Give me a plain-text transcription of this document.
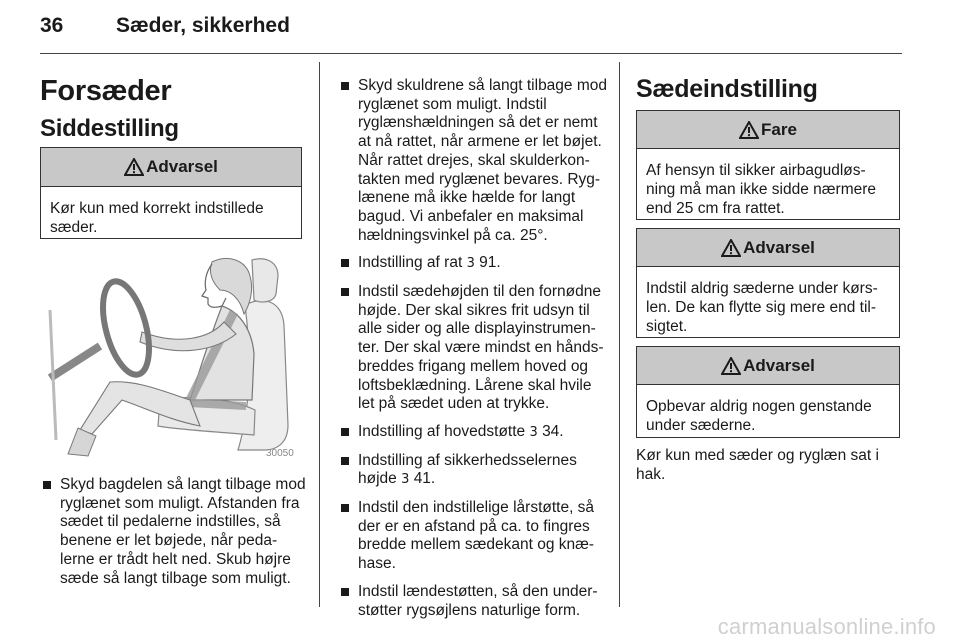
36	Sæder, sikkerhed
Forsæder
Siddestilling
Advarsel
Kør kun med korrekt indstillede sæder.
30050
Skyd bagdelen så langt tilbage mod ryglænet som muligt. Afstanden fra sædet til pedalerne indstilles, så benene er let bøjede, når peda-lerne er trådt helt ned. Skub højre sæde så langt tilbage som muligt.
Skyd skuldrene så langt tilbage mod ryglænet som muligt. Indstil ryglænshældningen så det er nemt at nå rattet, når armene er let bøjet. Når rattet drejes, skal skulderkon-takten med ryglænet bevares. Ryg-lænene må ikke hælde for langt bagud. Vi anbefaler en maksimal hældningsvinkel på ca. 25°.
Indstilling af rat 3 91.
Indstil sædehøjden til den fornødne højde. Der skal sikres frit udsyn til alle sider og alle displayinstrumen-ter. Der skal være mindst en hånds-breddes frigang mellem hoved og loftsbeklædning. Lårene skal hvile let på sædet uden at trykke.
Indstilling af hovedstøtte 3 34.
Indstilling af sikkerhedsselernes højde 3 41.
Indstil den indstillelige lårstøtte, så der er en afstand på ca. to fingres bredde mellem sædekant og knæ-hase.
Indstil lændestøtten, så den under-støtter rygsøjlens naturlige form.
Sædeindstilling
Fare
Af hensyn til sikker airbagudløs-ning må man ikke sidde nærmere end 25 cm fra rattet.
Advarsel
Indstil aldrig sæderne under kørs-len. De kan flytte sig mere end til-sigtet.
Advarsel
Opbevar aldrig nogen genstande under sæderne.
Kør kun med sæder og ryglæn sat i hak.
carmanualsonline.info
